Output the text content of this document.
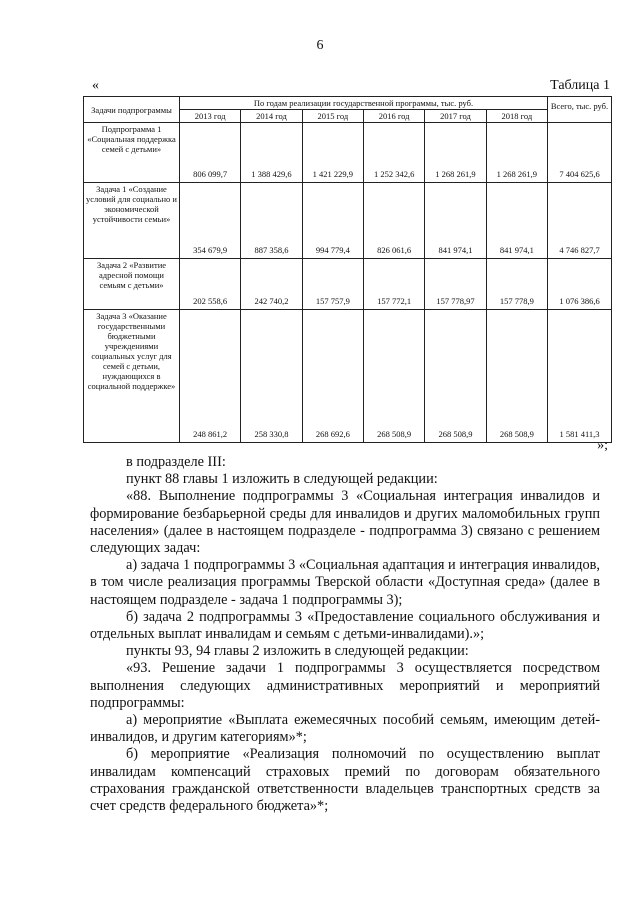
6
«	Таблица 1
Задачи подпрограммы	По годам реализации государственной программы, тыс. руб.						Всего, тыс. руб.
	2013 год	2014 год	2015 год	2016 год	2017 год	2018 год	
Подпрограмма 1 «Социальная поддержка семей с детьми»	806 099,7	1 388 429,6	1 421 229,9	1 252 342,6	1 268 261,9	1 268 261,9	7 404 625,6
Задача 1 «Создание условий для социально и экономической устойчивости семьи»	354 679,9	887 358,6	994 779,4	826 061,6	841 974,1	841 974,1	4 746 827,7
Задача 2 «Развитие адресной помощи семьям с детьми»	202 558,6	242 740,2	157 757,9	157 772,1	157 778,97	157 778,9	1 076 386,6
Задача 3 «Оказание государственными бюджетными учреждениями социальных услуг для семей с детьми, нуждающихся в социальной поддержке»	248 861,2	258 330,8	268 692,6	268 508,9	268 508,9	268 508,9	1 581 411,3
»;

в подразделе III:

пункт 88 главы 1 изложить в следующей редакции:

«88. Выполнение подпрограммы 3 «Социальная интеграция инвалидов и формирование безбарьерной среды для инвалидов и других маломобильных групп населения» (далее в настоящем подразделе - подпрограмма 3) связано с решением следующих задач:

а) задача 1 подпрограммы 3 «Социальная адаптация и интеграция инвалидов, в том числе реализация программы Тверской области «Доступная среда» (далее в настоящем подразделе - задача 1 подпрограммы 3);

б) задача 2 подпрограммы 3 «Предоставление социального обслуживания и отдельных выплат инвалидам и семьям с детьми-инвалидами).»;

пункты 93, 94 главы 2 изложить в следующей редакции:

«93. Решение задачи 1 подпрограммы 3 осуществляется посредством выполнения следующих административных мероприятий и мероприятий подпрограммы:

а) мероприятие «Выплата ежемесячных пособий семьям, имеющим детей-инвалидов, и другим категориям»*;

б) мероприятие «Реализация полномочий по осуществлению выплат инвалидам компенсаций страховых премий по договорам обязательного страхования гражданской ответственности владельцев транспортных средств за счет средств федерального бюджета»*;
